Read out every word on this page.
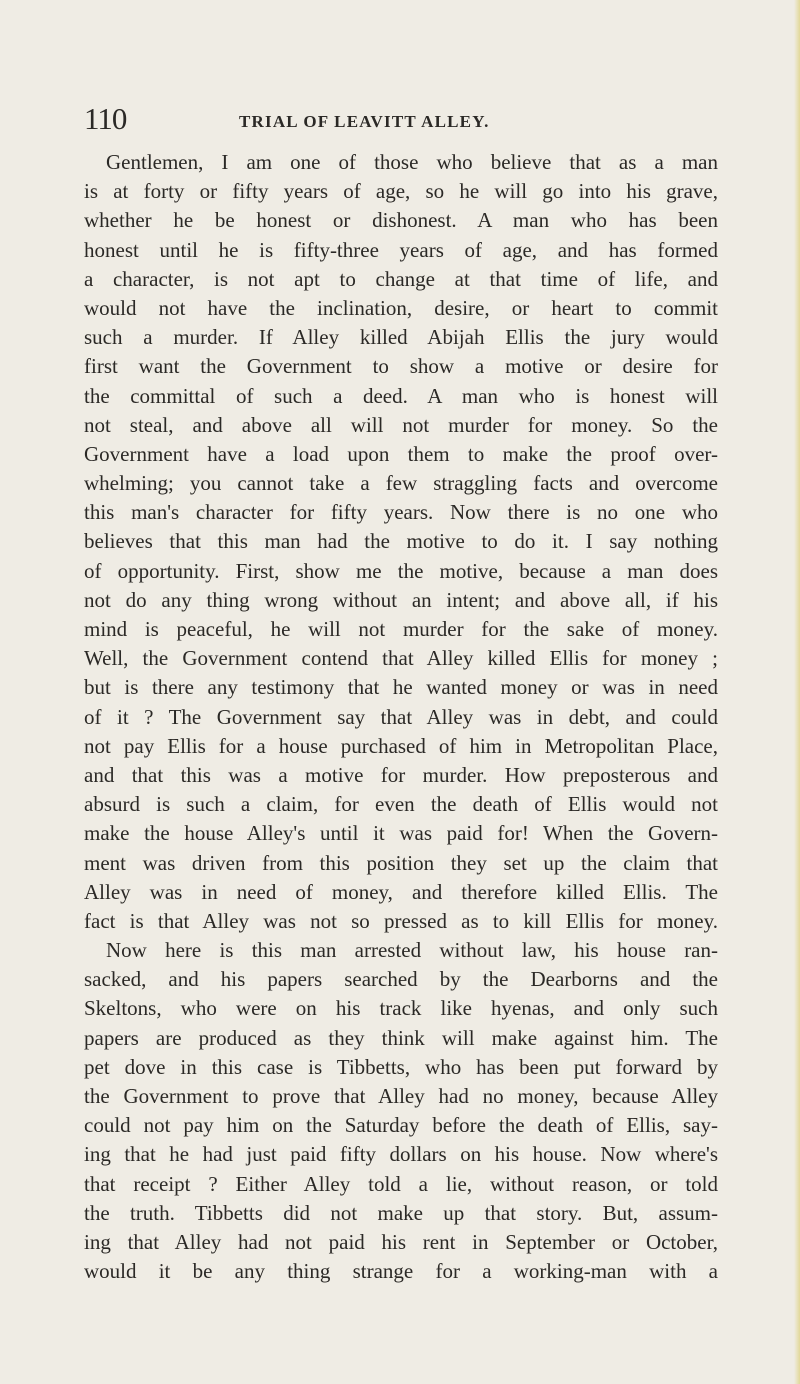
110	TRIAL OF LEAVITT ALLEY.
Gentlemen, I am one of those who believe that as a man
is at forty or fifty years of age, so he will go into his grave,
whether he be honest or dishonest. A man who has been
honest until he is fifty-three years of age, and has formed
a character, is not apt to change at that time of life, and
would not have the inclination, desire, or heart to commit
such a murder. If Alley killed Abijah Ellis the jury would
first want the Government to show a motive or desire for
the committal of such a deed. A man who is honest will
not steal, and above all will not murder for money. So the
Government have a load upon them to make the proof over-
whelming; you cannot take a few straggling facts and overcome
this man's character for fifty years. Now there is no one who
believes that this man had the motive to do it. I say nothing
of opportunity. First, show me the motive, because a man does
not do any thing wrong without an intent; and above all, if his
mind is peaceful, he will not murder for the sake of money.
Well, the Government contend that Alley killed Ellis for money ;
but is there any testimony that he wanted money or was in need
of it ? The Government say that Alley was in debt, and could
not pay Ellis for a house purchased of him in Metropolitan Place,
and that this was a motive for murder. How preposterous and
absurd is such a claim, for even the death of Ellis would not
make the house Alley's until it was paid for! When the Govern-
ment was driven from this position they set up the claim that
Alley was in need of money, and therefore killed Ellis. The
fact is that Alley was not so pressed as to kill Ellis for money.
Now here is this man arrested without law, his house ran-
sacked, and his papers searched by the Dearborns and the
Skeltons, who were on his track like hyenas, and only such
papers are produced as they think will make against him. The
pet dove in this case is Tibbetts, who has been put forward by
the Government to prove that Alley had no money, because Alley
could not pay him on the Saturday before the death of Ellis, say-
ing that he had just paid fifty dollars on his house. Now where's
that receipt ? Either Alley told a lie, without reason, or told
the truth. Tibbetts did not make up that story. But, assum-
ing that Alley had not paid his rent in September or October,
would it be any thing strange for a working-man with a
